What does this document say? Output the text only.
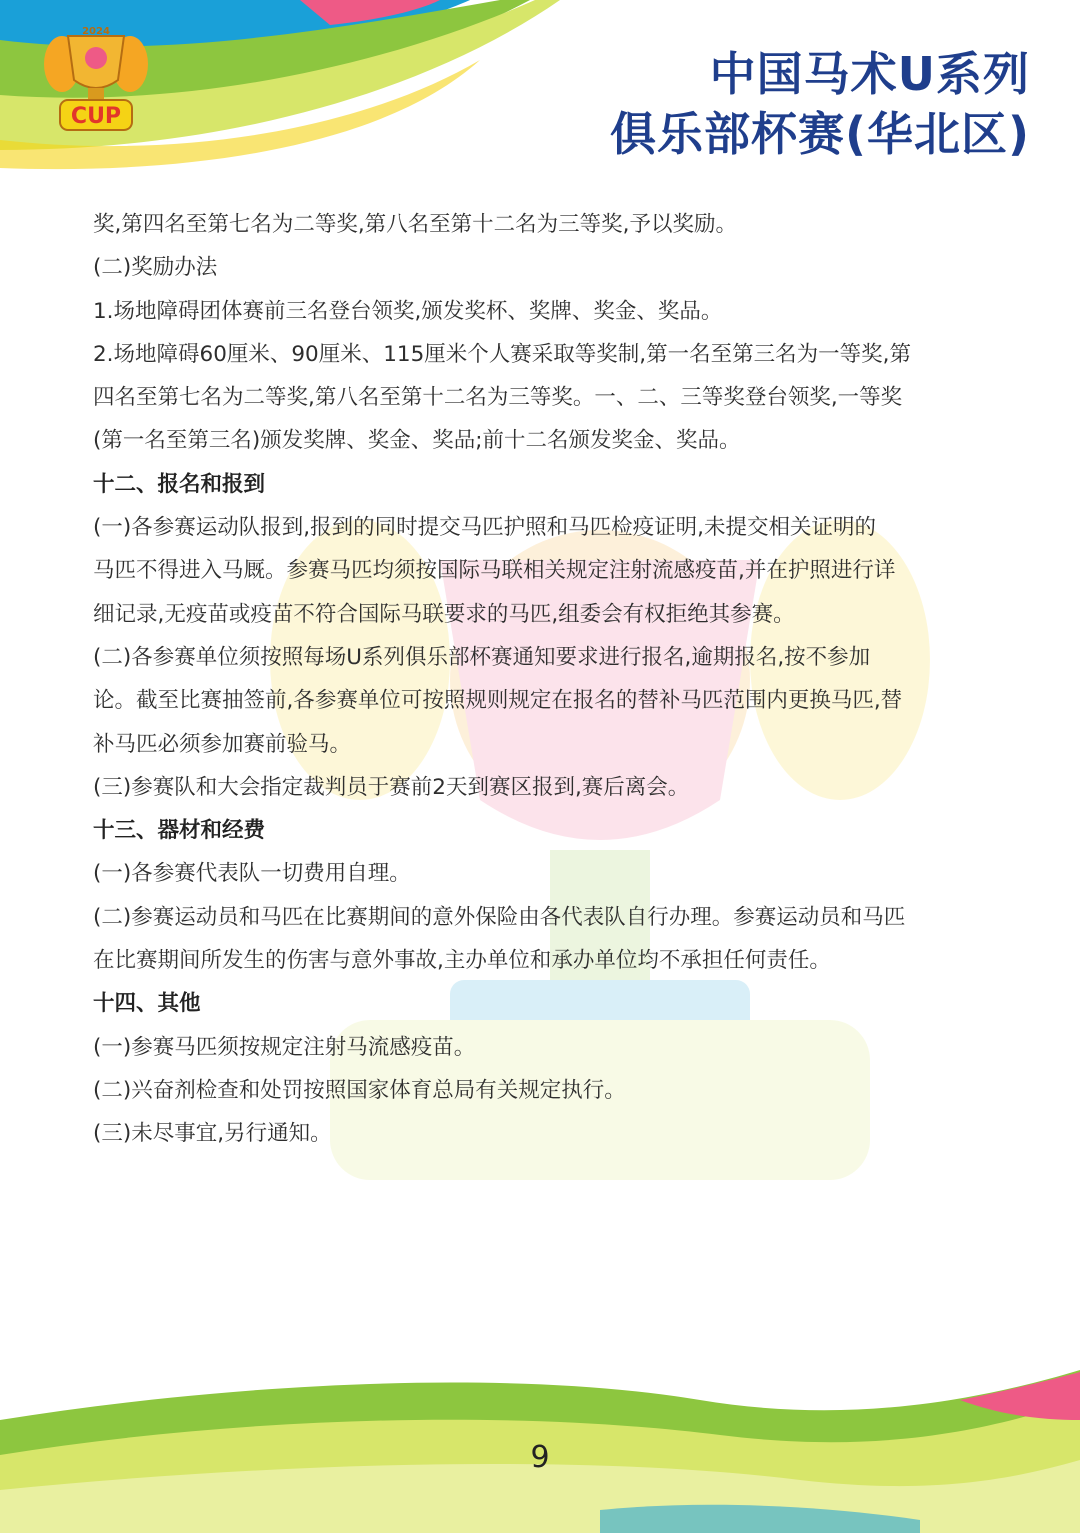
CUP
2024
中国马术U系列
俱乐部杯赛(华北区)

奖,第四名至第七名为二等奖,第八名至第十二名为三等奖,予以奖励。

(二)奖励办法

1.场地障碍团体赛前三名登台领奖,颁发奖杯、奖牌、奖金、奖品。

2.场地障碍60厘米、90厘米、115厘米个人赛采取等奖制,第一名至第三名为一等奖,第

四名至第七名为二等奖,第八名至第十二名为三等奖。一、二、三等奖登台领奖,一等奖

(第一名至第三名)颁发奖牌、奖金、奖品;前十二名颁发奖金、奖品。

十二、报名和报到

(一)各参赛运动队报到,报到的同时提交马匹护照和马匹检疫证明,未提交相关证明的

马匹不得进入马厩。参赛马匹均须按国际马联相关规定注射流感疫苗,并在护照进行详

细记录,无疫苗或疫苗不符合国际马联要求的马匹,组委会有权拒绝其参赛。

(二)各参赛单位须按照每场U系列俱乐部杯赛通知要求进行报名,逾期报名,按不参加

论。截至比赛抽签前,各参赛单位可按照规则规定在报名的替补马匹范围内更换马匹,替

补马匹必须参加赛前验马。

(三)参赛队和大会指定裁判员于赛前2天到赛区报到,赛后离会。

十三、器材和经费

(一)各参赛代表队一切费用自理。

(二)参赛运动员和马匹在比赛期间的意外保险由各代表队自行办理。参赛运动员和马匹

在比赛期间所发生的伤害与意外事故,主办单位和承办单位均不承担任何责任。

十四、其他

(一)参赛马匹须按规定注射马流感疫苗。

(二)兴奋剂检查和处罚按照国家体育总局有关规定执行。

(三)未尽事宜,另行通知。

9
